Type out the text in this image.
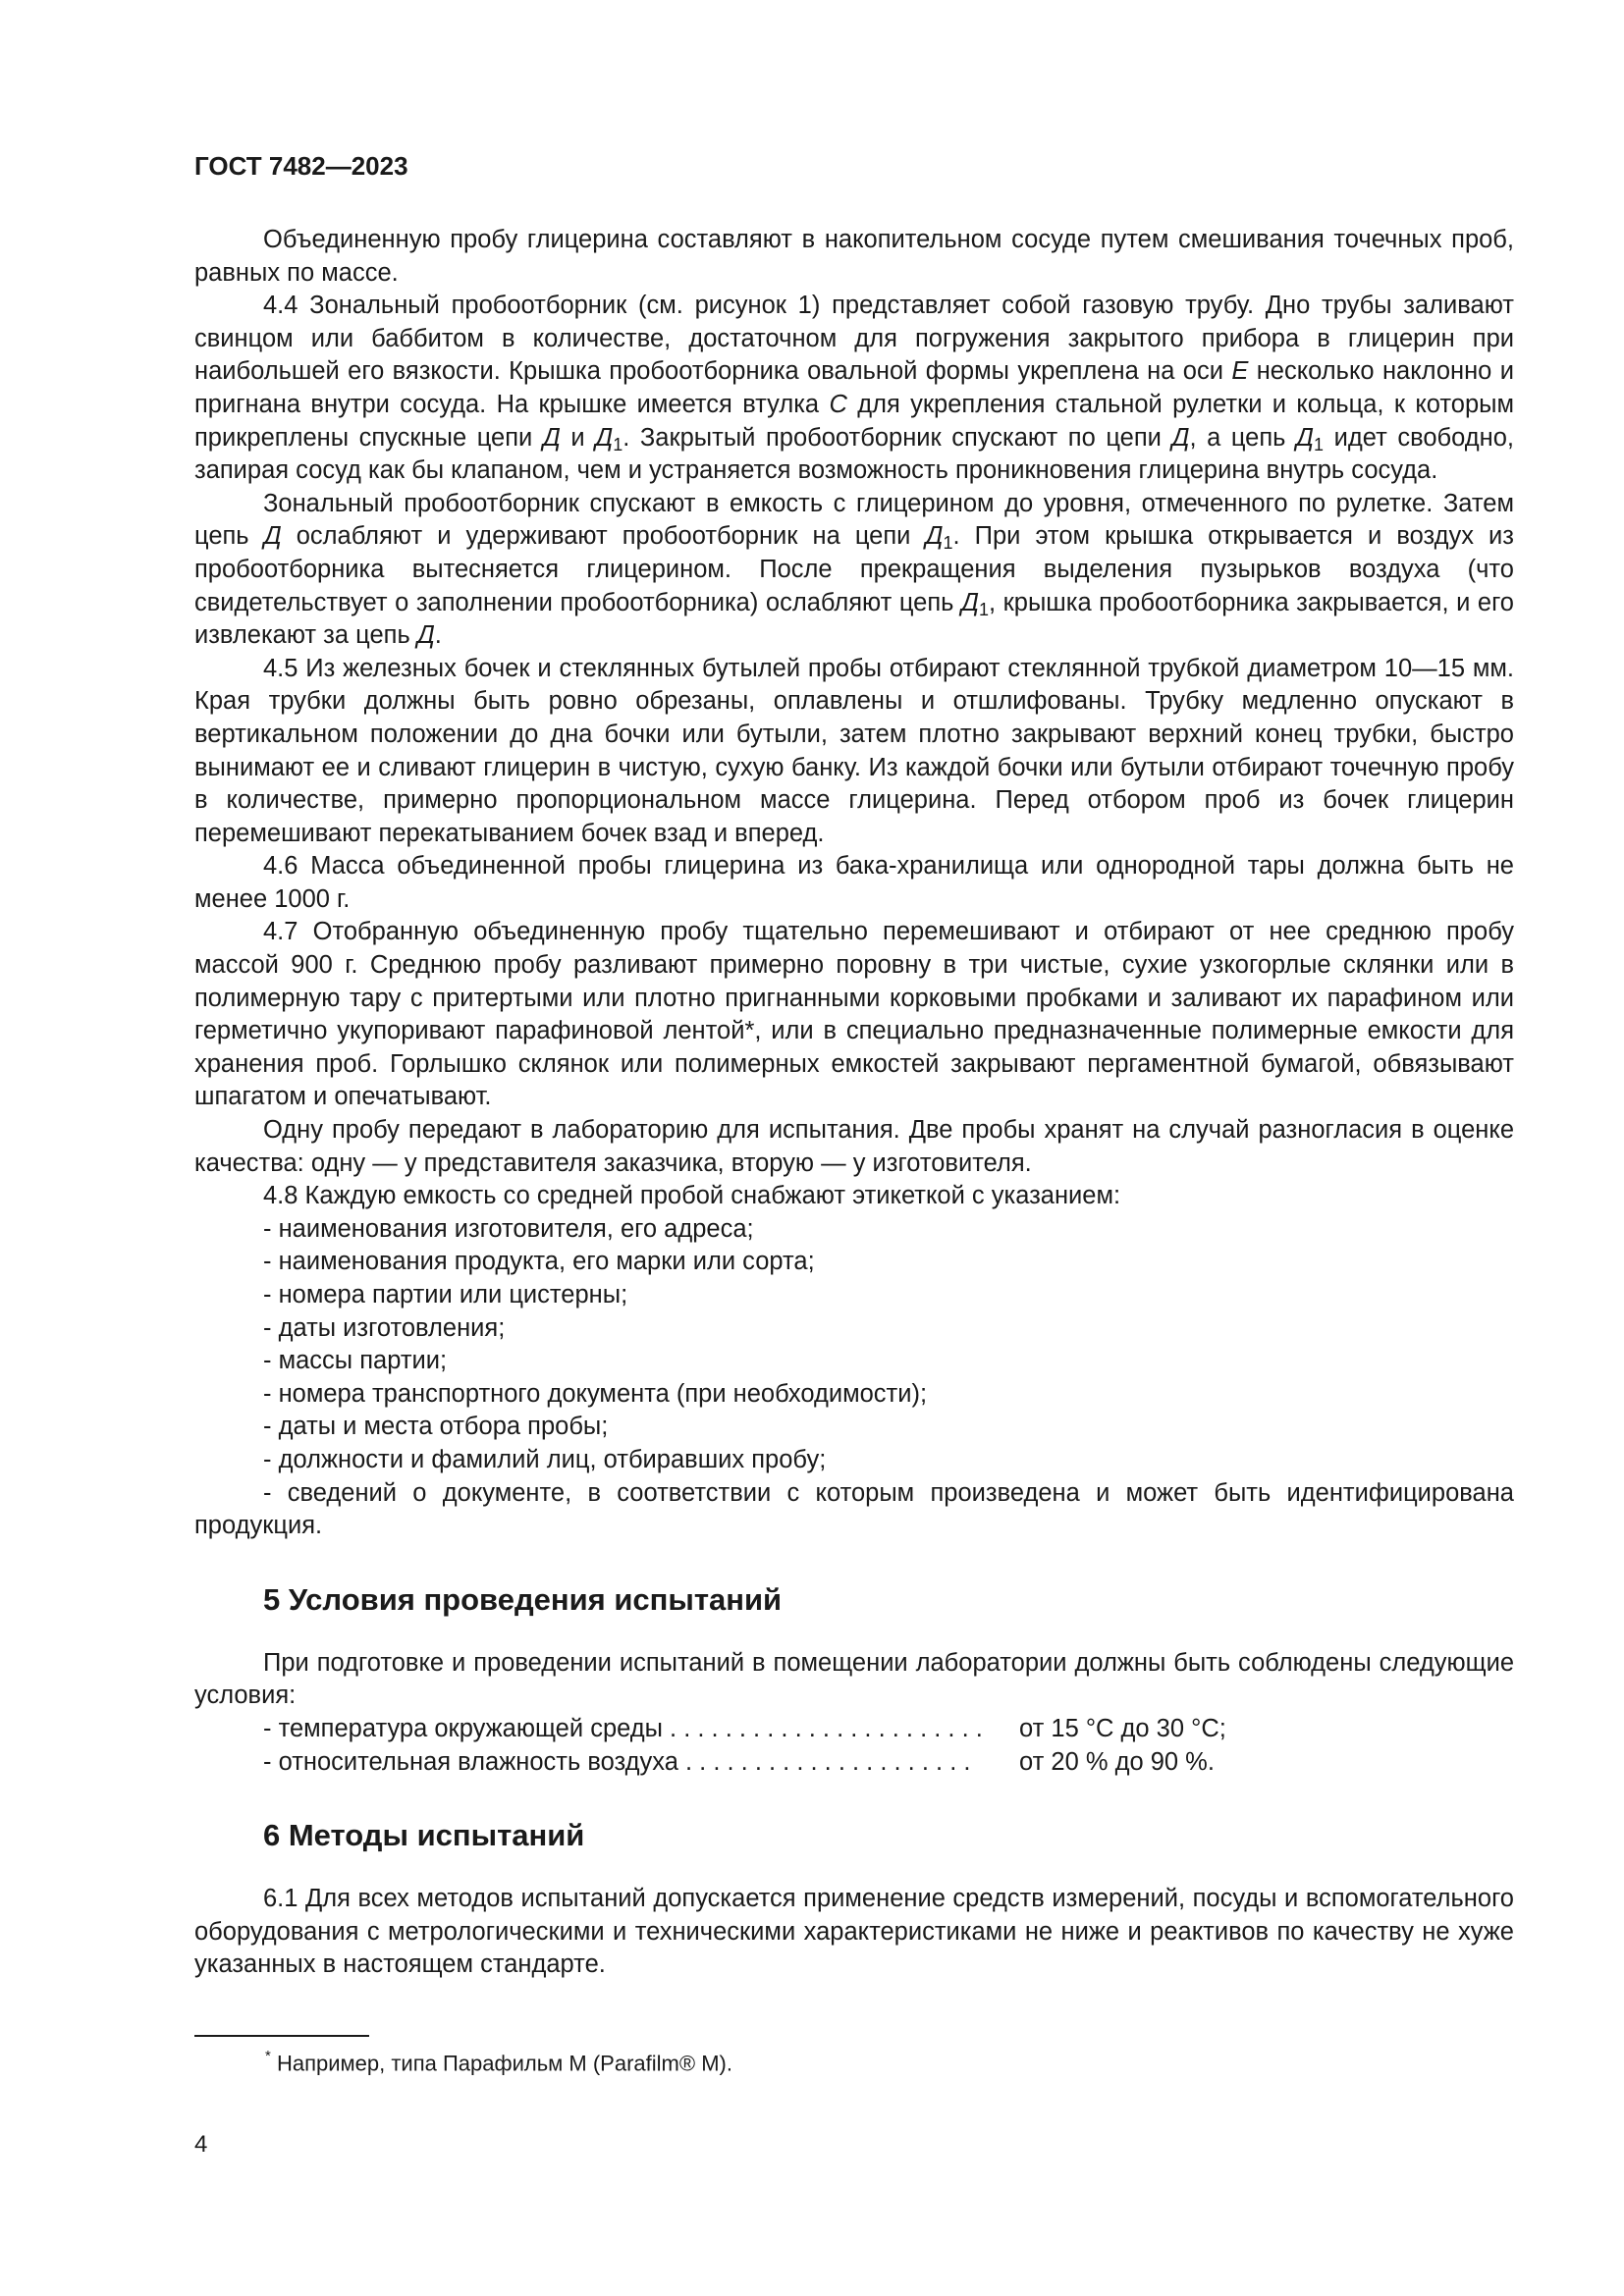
ГОСТ 7482—2023

Объединенную пробу глицерина составляют в накопительном сосуде путем смешивания точечных проб, равных по массе.

4.4 Зональный пробоотборник (см. рисунок 1) представляет собой газовую трубу. Дно трубы заливают свинцом или баббитом в количестве, достаточном для погружения закрытого прибора в глицерин при наибольшей его вязкости. Крышка пробоотборника овальной формы укреплена на оси Е несколько наклонно и пригнана внутри сосуда. На крышке имеется втулка С для укрепления стальной рулетки и кольца, к которым прикреплены спускные цепи Д и Д1. Закрытый пробоотборник спускают по цепи Д, а цепь Д1 идет свободно, запирая сосуд как бы клапаном, чем и устраняется возможность проникновения глицерина внутрь сосуда.

Зональный пробоотборник спускают в емкость с глицерином до уровня, отмеченного по рулетке. Затем цепь Д ослабляют и удерживают пробоотборник на цепи Д1. При этом крышка открывается и воздух из пробоотборника вытесняется глицерином. После прекращения выделения пузырьков воздуха (что свидетельствует о заполнении пробоотборника) ослабляют цепь Д1, крышка пробоотборника закрывается, и его извлекают за цепь Д.

4.5 Из железных бочек и стеклянных бутылей пробы отбирают стеклянной трубкой диаметром 10—15 мм. Края трубки должны быть ровно обрезаны, оплавлены и отшлифованы. Трубку медленно опускают в вертикальном положении до дна бочки или бутыли, затем плотно закрывают верхний конец трубки, быстро вынимают ее и сливают глицерин в чистую, сухую банку. Из каждой бочки или бутыли отбирают точечную пробу в количестве, примерно пропорциональном массе глицерина. Перед отбором проб из бочек глицерин перемешивают перекатыванием бочек взад и вперед.

4.6 Масса объединенной пробы глицерина из бака-хранилища или однородной тары должна быть не менее 1000 г.

4.7 Отобранную объединенную пробу тщательно перемешивают и отбирают от нее среднюю пробу массой 900 г. Среднюю пробу разливают примерно поровну в три чистые, сухие узкогорлые склянки или в полимерную тару с притертыми или плотно пригнанными корковыми пробками и заливают их парафином или герметично укупоривают парафиновой лентой*, или в специально предназначенные полимерные емкости для хранения проб. Горлышко склянок или полимерных емкостей закрывают пергаментной бумагой, обвязывают шпагатом и опечатывают.

Одну пробу передают в лабораторию для испытания. Две пробы хранят на случай разногласия в оценке качества: одну — у представителя заказчика, вторую — у изготовителя.

4.8 Каждую емкость со средней пробой снабжают этикеткой с указанием:

- наименования изготовителя, его адреса;

- наименования продукта, его марки или сорта;

- номера партии или цистерны;

- даты изготовления;

- массы партии;

- номера транспортного документа (при необходимости);

- даты и места отбора пробы;

- должности и фамилий лиц, отбиравших пробу;

- сведений о документе, в соответствии с которым произведена и может быть идентифицирована продукция.

5 Условия проведения испытаний

При подготовке и проведении испытаний в помещении лаборатории должны быть соблюдены следующие условия:

- температура окружающей среды . . . . . . . . . . . . . . . . . . . . . . .	от 15 °С до 30 °С;
- относительная влажность воздуха . . . . . . . . . . . . . . . . . . . . .	от 20 % до 90 %.
6 Методы испытаний

6.1 Для всех методов испытаний допускается применение средств измерений, посуды и вспомогательного оборудования с метрологическими и техническими характеристиками не ниже и реактивов по качеству не хуже указанных в настоящем стандарте.

* Например, типа Парафильм М (Parafilm® M).
4
